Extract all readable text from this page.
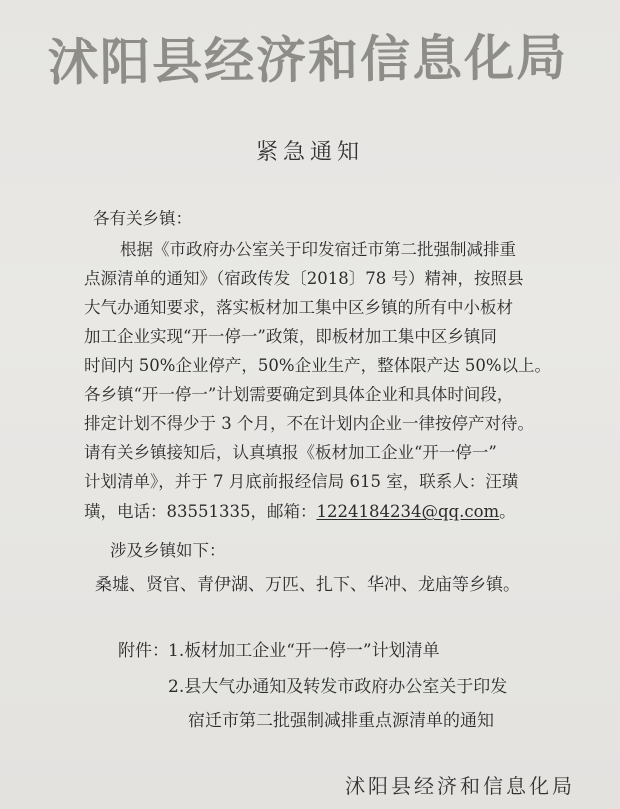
沭阳县经济和信息化局
紧急通知
各有关乡镇：
根据《市政府办公室关于印发宿迁市第二批强制减排重
点源清单的通知》（宿政传发〔2018〕78 号）精神，按照县
大气办通知要求，落实板材加工集中区乡镇的所有中小板材
加工企业实现“开一停一”政策，即板材加工集中区乡镇同
时间内 50%企业停产，50%企业生产，整体限产达 50%以上。
各乡镇“开一停一”计划需要确定到具体企业和具体时间段，
排定计划不得少于 3 个月，不在计划内企业一律按停产对待。
请有关乡镇接知后，认真填报《板材加工企业“开一停一”
计划清单》，并于 7 月底前报经信局 615 室，联系人：汪璜
璜，电话：83551335，邮箱：1224184234@qq.com。
涉及乡镇如下：
桑墟、贤官、青伊湖、万匹、扎下、华冲、龙庙等乡镇。
附件： 1.板材加工企业“开一停一”计划清单
2.县大气办通知及转发市政府办公室关于印发
宿迁市第二批强制减排重点源清单的通知
沭阳县经济和信息化局
